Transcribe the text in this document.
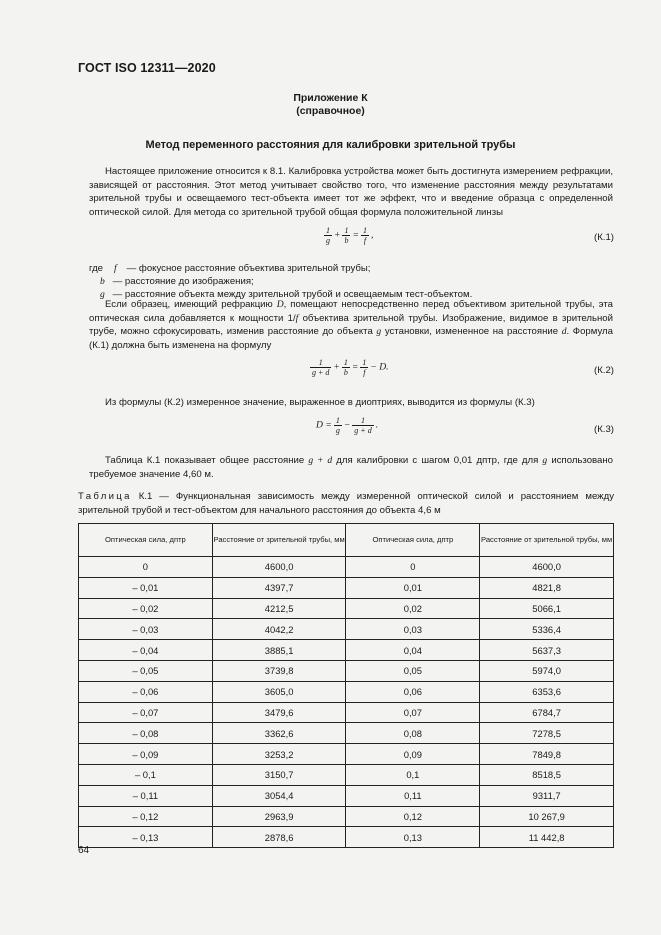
ГОСТ ISO 12311—2020
Приложение К
(справочное)
Метод переменного расстояния для калибровки зрительной трубы
Настоящее приложение относится к 8.1. Калибровка устройства может быть достигнута измерением рефракции, зависящей от расстояния. Этот метод учитывает свойство того, что изменение расстояния между результатами зрительной трубы и освещаемого тест-объекта имеет тот же эффект, что и введение образца с определенной оптической силой. Для метода со зрительной трубой общая формула положительной линзы
$\frac{1}{g} + \frac{1}{b} = \frac{1}{f}$ ,	(К.1)
где f — фокусное расстояние объектива зрительной трубы;
b — расстояние до изображения;
g — расстояние объекта между зрительной трубой и освещаемым тест-объектом.
Если образец, имеющий рефракцию D, помещают непосредственно перед объективом зрительной трубы, эта оптическая сила добавляется к мощности 1/f объектива зрительной трубы. Изображение, видимое в зрительной трубе, можно сфокусировать, изменив расстояние до объекта g установки, измененное на расстояние d. Формула (К.1) должна быть изменена на формулу
$\frac{1}{g + d} + \frac{1}{b} = \frac{1}{f} - D$.	(К.2)
Из формулы (К.2) измеренное значение, выраженное в диоптриях, выводится из формулы (К.3)
$D = \frac{1}{g} - \frac{1}{g + d}$ .	(К.3)
Таблица К.1 показывает общее расстояние g + d для калибровки с шагом 0,01 дптр, где для g использовано требуемое значение 4,60 м.
Таблица К.1 — Функциональная зависимость между измеренной оптической силой и расстоянием между зрительной трубой и тест-объектом для начального расстояния до объекта 4,6 м
Оптическая сила, дптр	Расстояние от зрительной трубы, мм	Оптическая сила, дптр	Расстояние от зрительной трубы, мм
0	4600,0	0	4600,0
– 0,01	4397,7	0,01	4821,8
– 0,02	4212,5	0,02	5066,1
– 0,03	4042,2	0,03	5336,4
– 0,04	3885,1	0,04	5637,3
– 0,05	3739,8	0,05	5974,0
– 0,06	3605,0	0,06	6353,6
– 0,07	3479,6	0,07	6784,7
– 0,08	3362,6	0,08	7278,5
– 0,09	3253,2	0,09	7849,8
– 0,1	3150,7	0,1	8518,5
– 0,11	3054,4	0,11	9311,7
– 0,12	2963,9	0,12	10 267,9
– 0,13	2878,6	0,13	11 442,8
64
